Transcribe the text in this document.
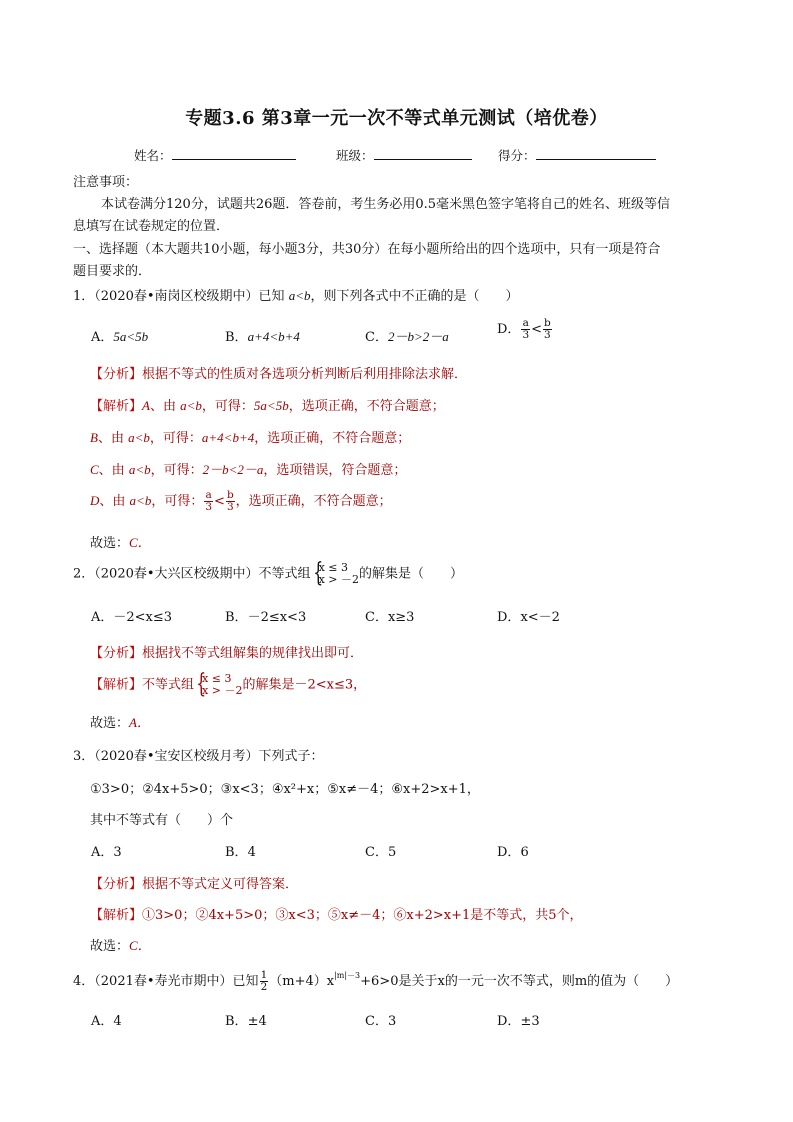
专题3.6 第3章一元一次不等式单元测试（培优卷）
姓名：	班级：	得分：
注意事项：
本试卷满分120分，试题共26题．答卷前，考生务必用0.5毫米黑色签字笔将自己的姓名、班级等信
息填写在试卷规定的位置．
一、选择题（本大题共10小题，每小题3分，共30分）在每小题所给出的四个选项中，只有一项是符合
题目要求的．
1．（2020春•南岗区校级期中）已知 a<b，则下列各式中不正确的是（　　）
A．5a<5b	B．a+4<b+4	C．2－b>2－a	D． $\frac{a}{3} < \frac{b}{3}$
【分析】根据不等式的性质对各选项分析判断后利用排除法求解．
【解析】A、由 a<b，可得：5a<5b，选项正确，不符合题意；
B、由 a<b，可得：a+4<b+4，选项正确，不符合题意；
C、由 a<b，可得：2－b<2－a，选项错误，符合题意；
D、由 a<b，可得： $\frac{a}{3} < \frac{b}{3}$ ，选项正确，不符合题意；
故选：C．
2．（2020春•大兴区校级期中）不等式组 { x ≤ 3
x > －2 的解集是（　　）
A．－2<x≤3	B．－2≤x<3	C．x≥3	D．x<－2
【分析】根据找不等式组解集的规律找出即可．
【解析】不等式组 { x ≤ 3
x > －2 的解集是－2<x≤3，
故选：A．
3．（2020春•宝安区校级月考）下列式子：
①3>0；②4x+5>0；③x<3；④x²+x；⑤x≠－4；⑥x+2>x+1，
其中不等式有（　　）个
A．3	B．4	C．5	D．6
【分析】根据不等式定义可得答案．
【解析】①3>0；②4x+5>0；③x<3；⑤x≠－4；⑥x+2>x+1是不等式，共5个，
故选：C．
4．（2021春•寿光市期中）已知 $\frac{1}{2} (m+4)x^{|m|-3}+6>0$是关于x的一元一次不等式，则m的值为（　　）
A．4	B．±4	C．3	D．±3
